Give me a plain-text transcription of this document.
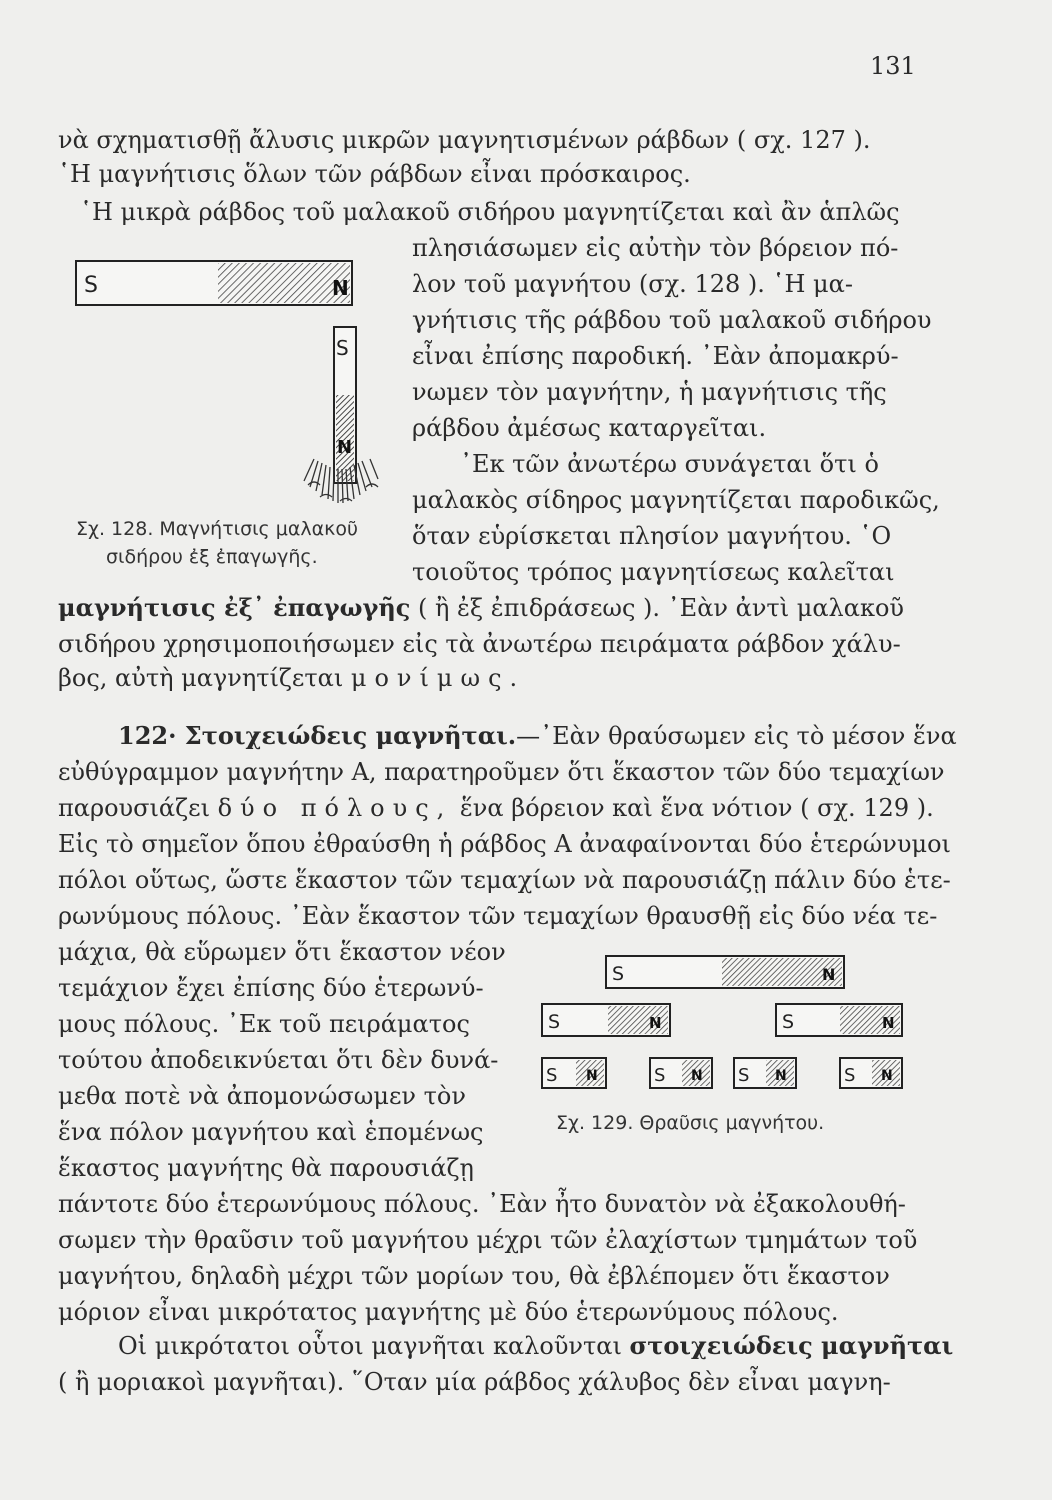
131
νὰ σχηματισθῇ ἄλυσις μικρῶν μαγνητισμένων ράβδων ( σχ. 127 ).
῾Η μαγνήτισις ὅλων τῶν ράβδων εἶναι πρόσκαιρος.
῾Η μικρὰ ράβδος τοῦ μαλακοῦ σιδήρου μαγνητίζεται καὶ ἂν ἁπλῶς
πλησιάσωμεν εἰς αὐτὴν τὸν βόρειον πό-
λον τοῦ μαγνήτου (σχ. 128 ). ῾Η μα-
γνήτισις τῆς ράβδου τοῦ μαλακοῦ σιδήρου
εἶναι ἐπίσης παροδική. ᾿Εὰν ἀπομακρύ-
νωμεν τὸν μαγνήτην, ἡ μαγνήτισις τῆς
ράβδου ἀμέσως καταργεῖται.
᾿Εκ τῶν ἀνωτέρω συνάγεται ὅτι ὁ
μαλακὸς σίδηρος μαγνητίζεται παροδικῶς,
ὅταν εὑρίσκεται πλησίον μαγνήτου. ῾Ο
τοιοῦτος τρόπος μαγνητίσεως καλεῖται
S	N
S
N
Σχ. 128. Μαγνήτισις μαλακοῦ
σιδήρου ἐξ ἐπαγωγῆς.
μαγνήτισις ἐξ᾿ ἐπαγωγῆς ( ἢ ἐξ ἐπιδράσεως ). ᾿Εὰν ἀντὶ μαλακοῦ
σιδήρου χρησιμοποιήσωμεν εἰς τὰ ἀνωτέρω πειράματα ράβδον χάλυ-
βος, αὐτὴ μαγνητίζεται μονίμως.
122· Στοιχειώδεις μαγνῆται.—᾿Εὰν θραύσωμεν εἰς τὸ μέσον ἕνα
εὐθύγραμμον μαγνήτην Α, παρατηροῦμεν ὅτι ἕκαστον τῶν δύο τεμαχίων
παρουσιάζει δύο πόλους, ἕνα βόρειον καὶ ἕνα νότιον ( σχ. 129 ).
Εἰς τὸ σημεῖον ὅπου ἐθραύσθη ἡ ράβδος Α ἀναφαίνονται δύο ἑτερώνυμοι
πόλοι οὕτως, ὥστε ἕκαστον τῶν τεμαχίων νὰ παρουσιάζῃ πάλιν δύο ἑτε-
ρωνύμους πόλους. ᾿Εὰν ἕκαστον τῶν τεμαχίων θραυσθῇ εἰς δύο νέα τε-
μάχια, θὰ εὕρωμεν ὅτι ἕκαστον νέον
τεμάχιον ἔχει ἐπίσης δύο ἑτερωνύ-
μους πόλους. ᾿Εκ τοῦ πειράματος
τούτου ἀποδεικνύεται ὅτι δὲν δυνά-
μεθα ποτὲ νὰ ἀπομονώσωμεν τὸν
ἕνα πόλον μαγνήτου καὶ ἑπομένως
ἕκαστος μαγνήτης θὰ παρουσιάζῃ
S	N
S	N	S	N
S N	S N S N	S N
Σχ. 129. Θραῦσις μαγνήτου.
πάντοτε δύο ἑτερωνύμους πόλους. ᾿Εὰν ἦτο δυνατὸν νὰ ἐξακολουθή-
σωμεν τὴν θραῦσιν τοῦ μαγνήτου μέχρι τῶν ἐλαχίστων τμημάτων τοῦ
μαγνήτου, δηλαδὴ μέχρι τῶν μορίων του, θὰ ἐβλέπομεν ὅτι ἕκαστον
μόριον εἶναι μικρότατος μαγνήτης μὲ δύο ἑτερωνύμους πόλους.
Οἱ μικρότατοι οὗτοι μαγνῆται καλοῦνται στοιχειώδεις μαγνῆται
( ἢ μοριακοὶ μαγνῆται). ῞Οταν μία ράβδος χάλυβος δὲν εἶναι μαγνη-
